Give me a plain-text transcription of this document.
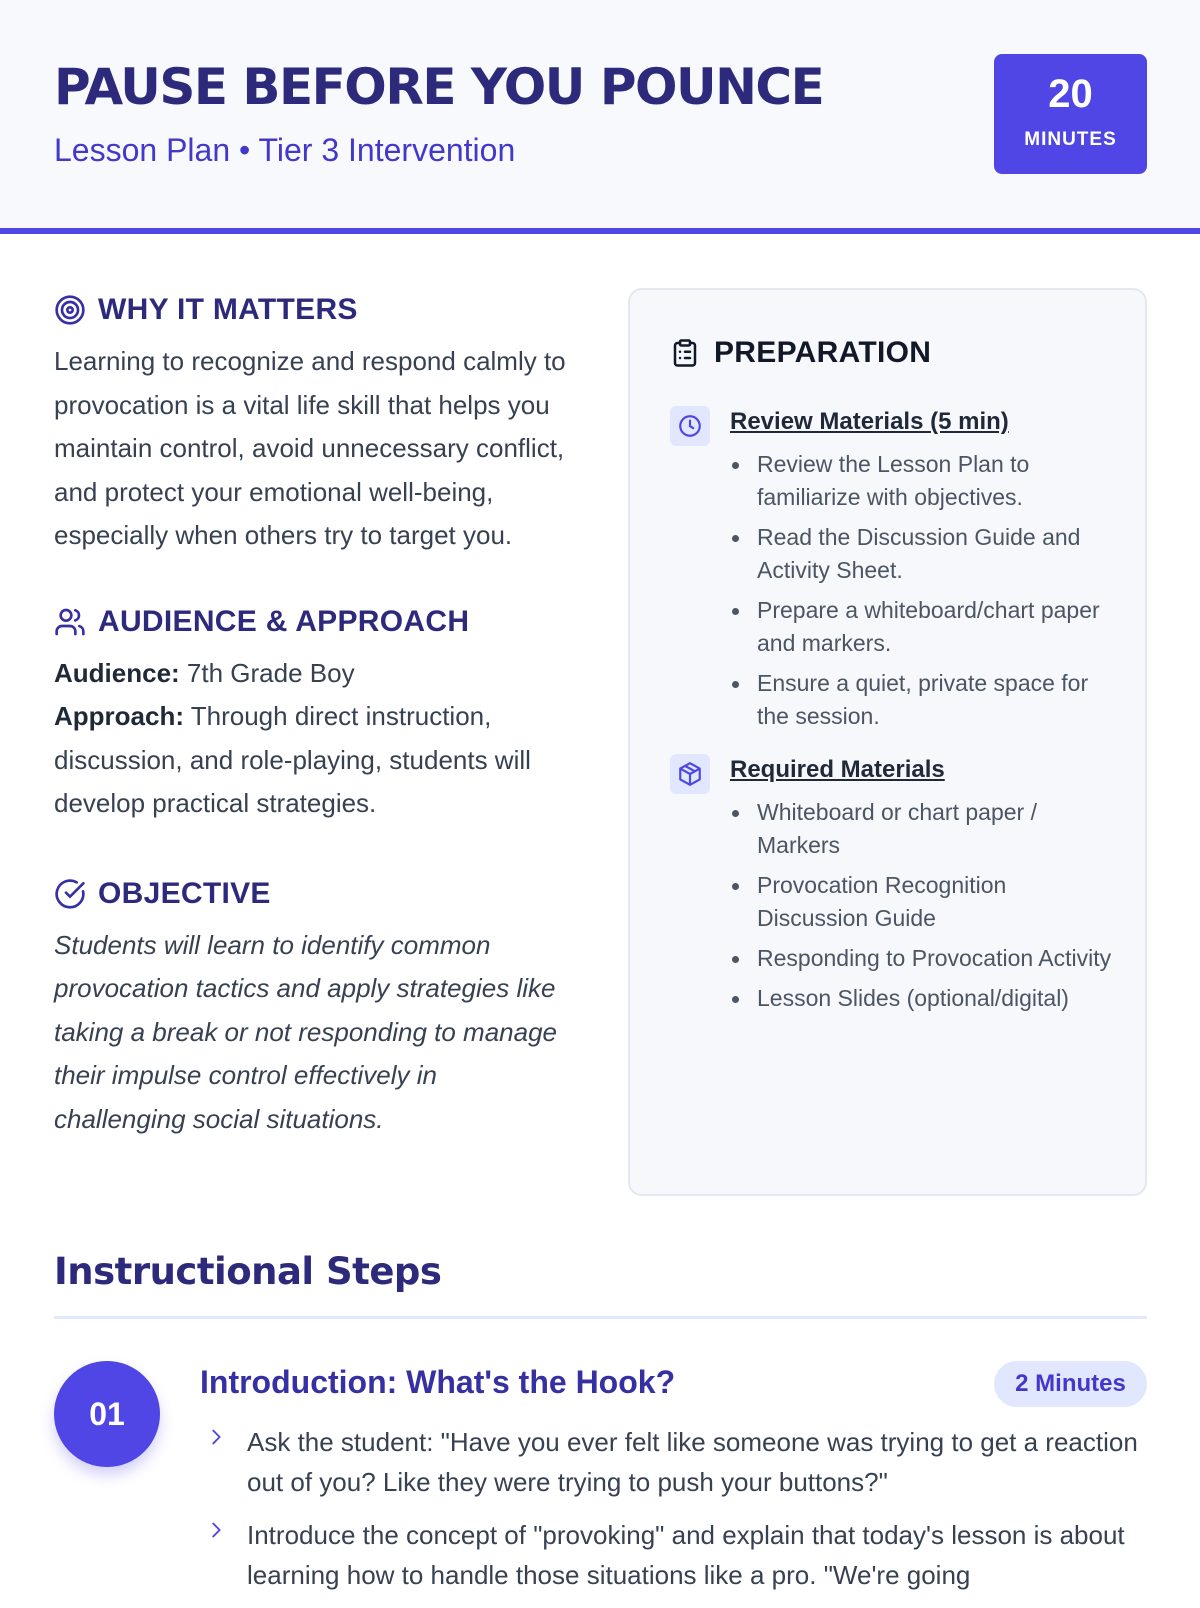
PAUSE BEFORE YOU POUNCE
Lesson Plan • Tier 3 Intervention
20
MINUTES
WHY IT MATTERS

Learning to recognize and respond calmly to provocation is a vital life skill that helps you maintain control, avoid unnecessary conflict, and protect your emotional well-being, especially when others try to target you.

AUDIENCE & APPROACH

Audience: 7th Grade Boy

Approach: Through direct instruction, discussion, and role-playing, students will develop practical strategies.

OBJECTIVE

Students will learn to identify common provocation tactics and apply strategies like taking a break or not responding to manage their impulse control effectively in challenging social situations.

PREPARATION
Review Materials (5 min)
Review the Lesson Plan to familiarize with objectives.
Read the Discussion Guide and Activity Sheet.
Prepare a whiteboard/chart paper and markers.
Ensure a quiet, private space for the session.
Required Materials
Whiteboard or chart paper / Markers
Provocation Recognition Discussion Guide
Responding to Provocation Activity
Lesson Slides (optional/digital)
Instructional Steps
01
Introduction: What's the Hook?	2 Minutes
Ask the student: "Have you ever felt like someone was trying to get a reaction out of you? Like they were trying to push your buttons?"
Introduce the concept of "provoking" and explain that today's lesson is about learning how to handle those situations like a pro. "We're going
